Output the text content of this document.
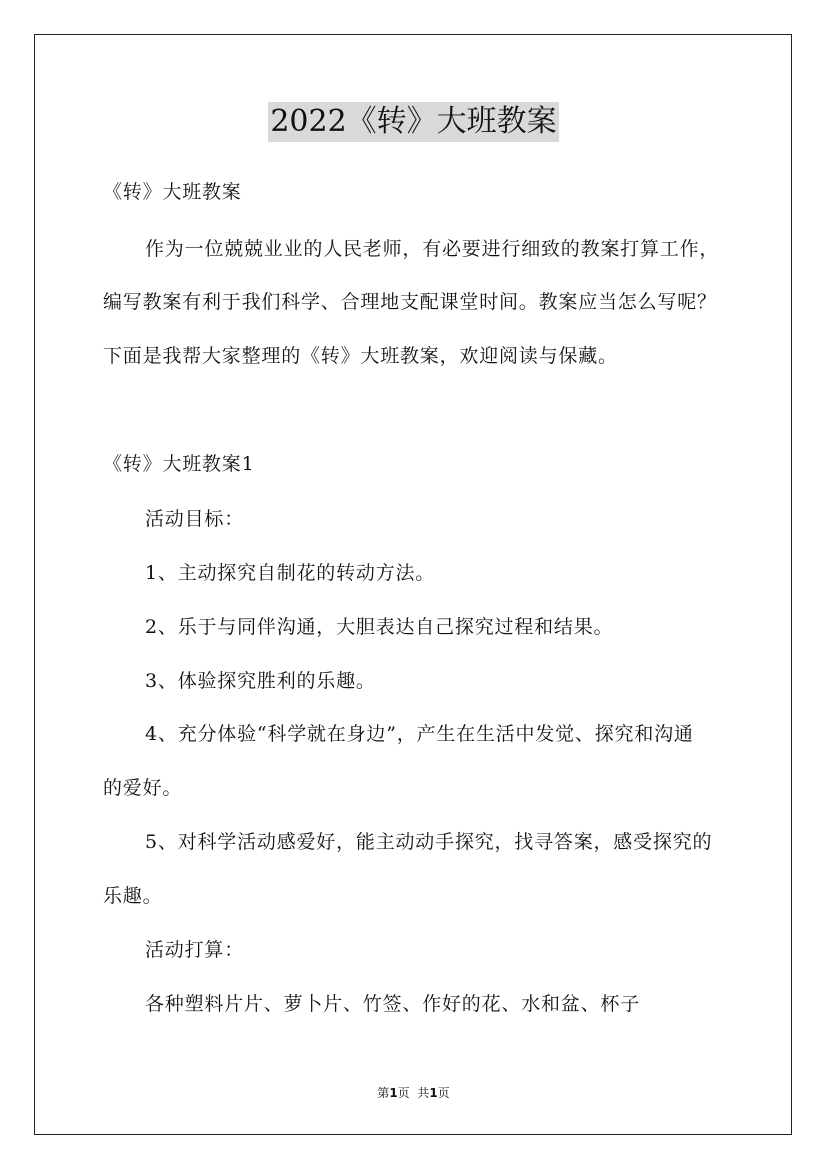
2022《转》大班教案
《转》大班教案
作为一位兢兢业业的人民老师，有必要进行细致的教案打算工作，
编写教案有利于我们科学、合理地支配课堂时间。教案应当怎么写呢？
下面是我帮大家整理的《转》大班教案，欢迎阅读与保藏。
《转》大班教案1
活动目标：
1、主动探究自制花的转动方法。
2、乐于与同伴沟通，大胆表达自己探究过程和结果。
3、体验探究胜利的乐趣。
4、充分体验“科学就在身边”，产生在生活中发觉、探究和沟通
的爱好。
5、对科学活动感爱好，能主动动手探究，找寻答案，感受探究的
乐趣。
活动打算：
各种塑料片片、萝卜片、竹签、作好的花、水和盆、杯子
第1页  共1页
